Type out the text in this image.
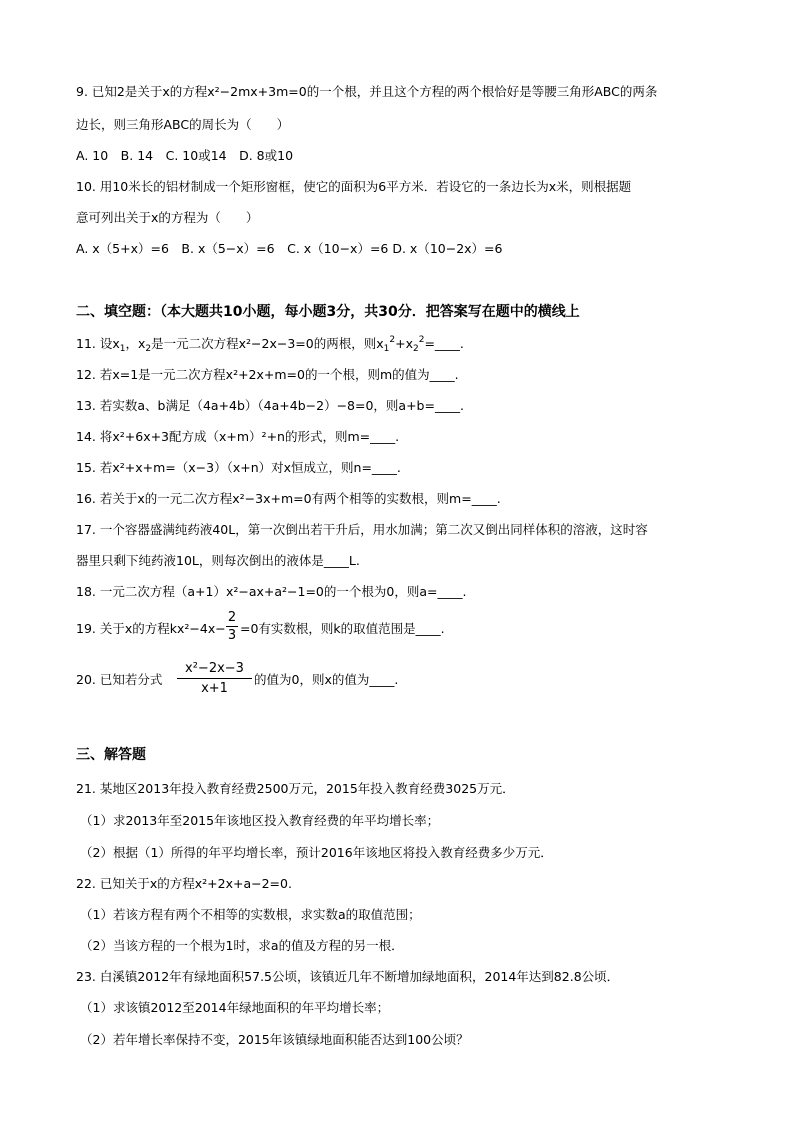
9. 已知2是关于x的方程x²−2mx+3m=0的一个根，并且这个方程的两个根恰好是等腰三角形ABC的两条
边长，则三角形ABC的周长为（　　）
A. 10　B. 14　C. 10或14　D. 8或10
10. 用10米长的铝材制成一个矩形窗框，使它的面积为6平方米．若设它的一条边长为x米，则根据题
意可列出关于x的方程为（　　）
A. x（5+x）=6　B. x（5−x）=6　C. x（10−x）=6 D. x（10−2x）=6
二、填空题：（本大题共10小题，每小题3分，共30分．把答案写在题中的横线上
11. 设$x_1$，$x_2$是一元二次方程x²−2x−3=0的两根，则$x_1^2+x_2^2=\_\_\_\_$.
12. 若x=1是一元二次方程x²+2x+m=0的一个根，则m的值为____.
13. 若实数a、b满足（4a+4b）（4a+4b−2）−8=0，则a+b=____.
14. 将x²+6x+3配方成（x+m）²+n的形式，则m=____.
15. 若x²+x+m=（x−3）（x+n）对x恒成立，则n=____.
16. 若关于x的一元二次方程x²−3x+m=0有两个相等的实数根，则m=____.
17. 一个容器盛满纯药液40L，第一次倒出若干升后，用水加满；第二次又倒出同样体积的溶液，这时容
器里只剩下纯药液10L，则每次倒出的液体是____L.
18. 一元二次方程（a+1）x²−ax+a²−1=0的一个根为0，则a=____.
19. 关于x的方程kx²−4x−
2
3 =0有实数根，则k的取值范围是____.
20. 已知若分式
x²−2x−3
x+1
的值为0，则x的值为____.
三、解答题
21. 某地区2013年投入教育经费2500万元，2015年投入教育经费3025万元．
（1）求2013年至2015年该地区投入教育经费的年平均增长率；
（2）根据（1）所得的年平均增长率，预计2016年该地区将投入教育经费多少万元．
22. 已知关于x的方程x²+2x+a−2=0.
（1）若该方程有两个不相等的实数根，求实数a的取值范围；
（2）当该方程的一个根为1时，求a的值及方程的另一根．
23. 白溪镇2012年有绿地面积57.5公顷，该镇近几年不断增加绿地面积，2014年达到82.8公顷．
（1）求该镇2012至2014年绿地面积的年平均增长率；
（2）若年增长率保持不变，2015年该镇绿地面积能否达到100公顷？
